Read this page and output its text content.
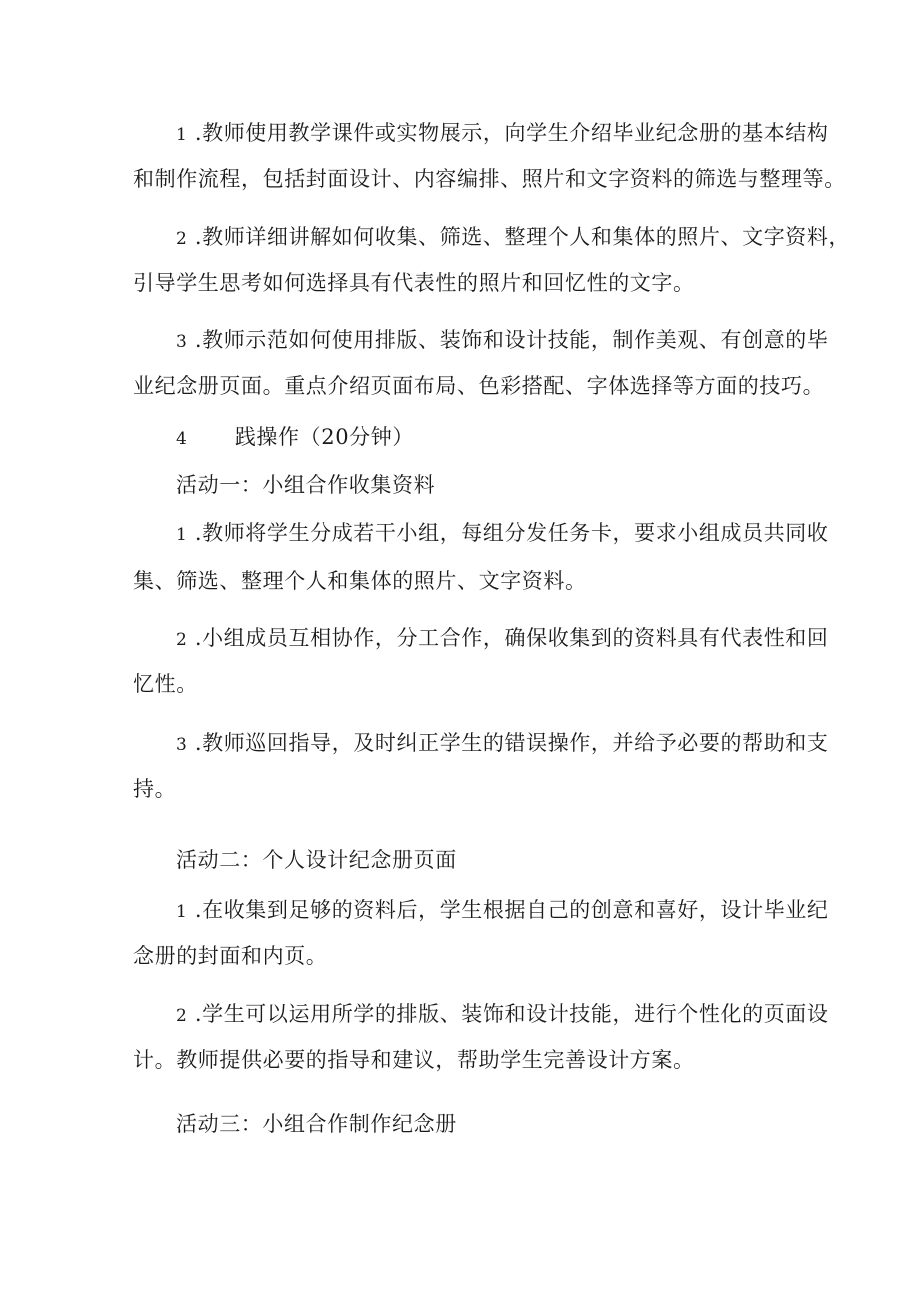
1 .教师使用教学课件或实物展示，向学生介绍毕业纪念册的基本结构
和制作流程，包括封面设计、内容编排、照片和文字资料的筛选与整理等。
2 .教师详细讲解如何收集、筛选、整理个人和集体的照片、文字资料，
引导学生思考如何选择具有代表性的照片和回忆性的文字。
3 .教师示范如何使用排版、装饰和设计技能，制作美观、有创意的毕
业纪念册页面。重点介绍页面布局、色彩搭配、字体选择等方面的技巧。
4 践操作（20分钟）
活动一：小组合作收集资料
1 .教师将学生分成若干小组，每组分发任务卡，要求小组成员共同收
集、筛选、整理个人和集体的照片、文字资料。
2 .小组成员互相协作，分工合作，确保收集到的资料具有代表性和回
忆性。
3 .教师巡回指导，及时纠正学生的错误操作，并给予必要的帮助和支
持。
活动二：个人设计纪念册页面
1 .在收集到足够的资料后，学生根据自己的创意和喜好，设计毕业纪
念册的封面和内页。
2 .学生可以运用所学的排版、装饰和设计技能，进行个性化的页面设
计。教师提供必要的指导和建议，帮助学生完善设计方案。
活动三：小组合作制作纪念册
